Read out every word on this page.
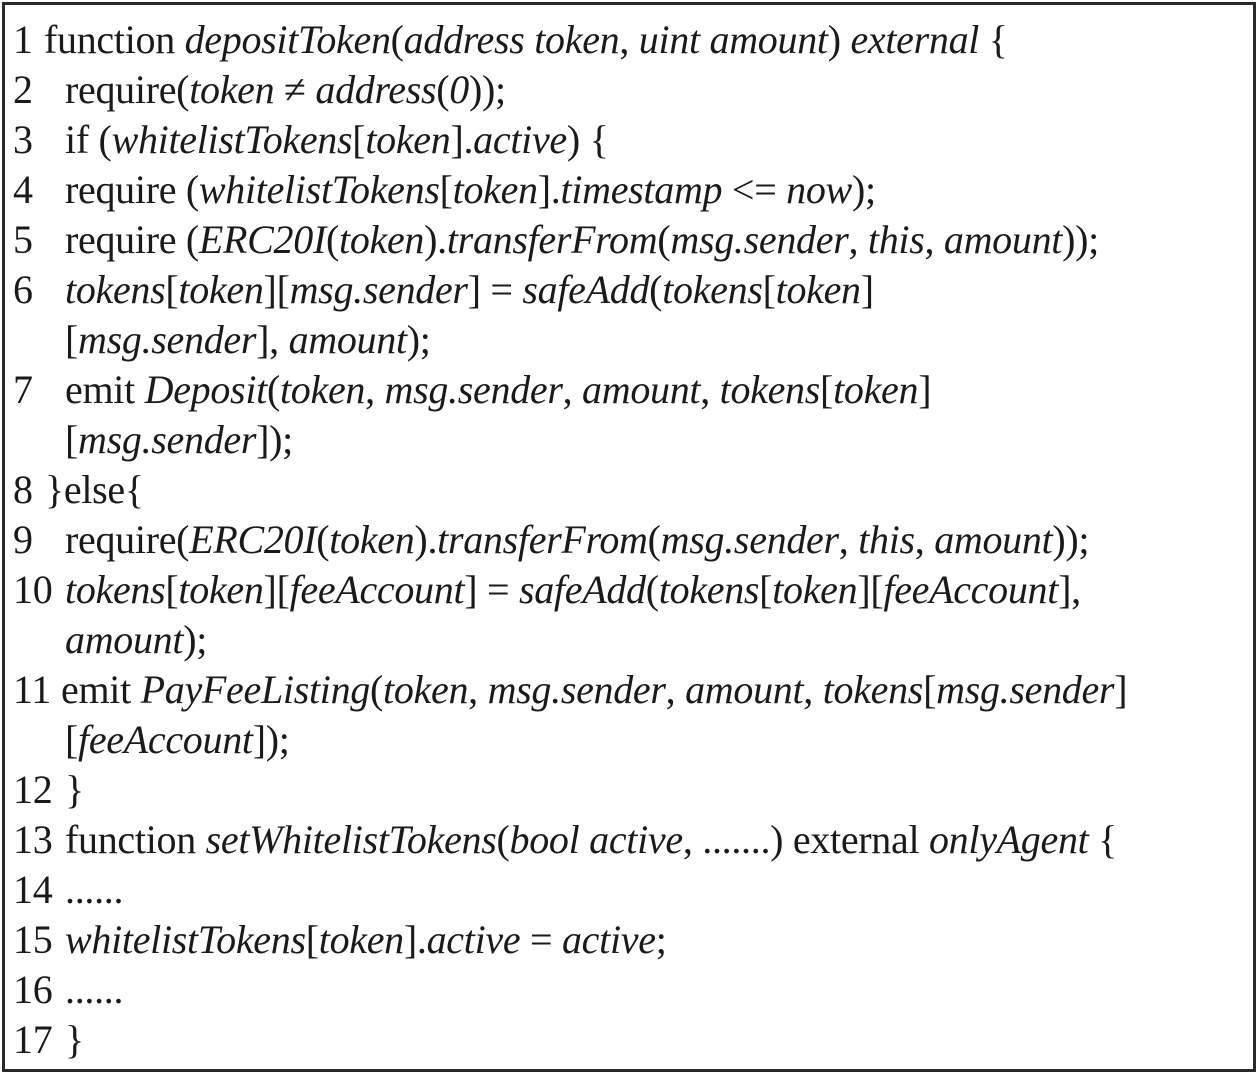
1 function depositToken(address token, uint amount) external {
2 require(token ≠ address(0));
3 if (whitelistTokens[token].active) {
4 require (whitelistTokens[token].timestamp <= now);
5 require (ERC20I(token).transferFrom(msg.sender, this, amount));
6 tokens[token][msg.sender] = safeAdd(tokens[token]
[msg.sender], amount);
7 emit Deposit(token, msg.sender, amount, tokens[token]
[msg.sender]);
8 }else{
9 require(ERC20I(token).transferFrom(msg.sender, this, amount));
10 tokens[token][feeAccount] = safeAdd(tokens[token][feeAccount],
amount);
11 emit PayFeeListing(token, msg.sender, amount, tokens[msg.sender]
[feeAccount]);
12 }
13 function setWhitelistTokens(bool active, .......) external onlyAgent {
14 ......
15 whitelistTokens[token].active = active;
16 ......
17 }
